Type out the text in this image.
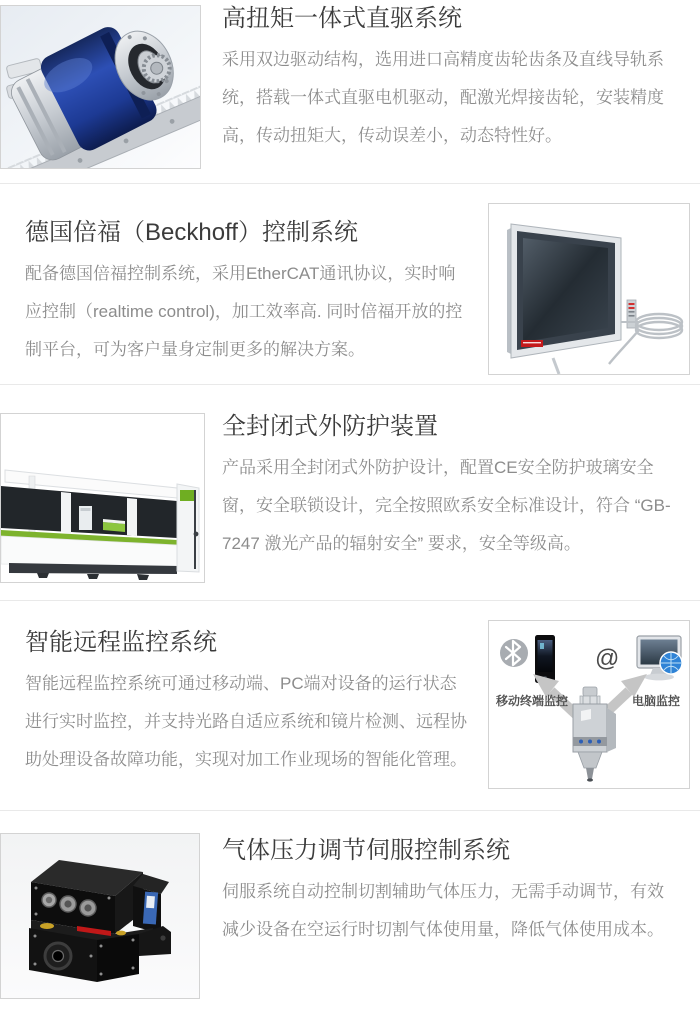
高扭矩一体式直驱系统

采用双边驱动结构，选用进口高精度齿轮齿条及直线导轨系统，搭载一体式直驱电机驱动，配激光焊接齿轮，安装精度高，传动扭矩大，传动误差小，动态特性好。

德国倍福（Beckhoff）控制系统

配备德国倍福控制系统，采用EtherCAT通讯协议，实时响应控制（realtime control)，加工效率高. 同时倍福开放的控制平台，可为客户量身定制更多的解决方案。

全封闭式外防护装置

产品采用全封闭式外防护设计，配置CE安全防护玻璃安全窗，安全联锁设计，完全按照欧系安全标准设计，符合 “GB-7247 激光产品的辐射安全” 要求，安全等级高。

智能远程监控系统

智能远程监控系统可通过移动端、PC端对设备的运行状态进行实时监控，并支持光路自适应系统和镜片检测、远程协助处理设备故障功能，实现对加工作业现场的智能化管理。

@
移动终端监控	电脑监控
气体压力调节伺服控制系统

伺服系统自动控制切割辅助气体压力，无需手动调节，有效减少设备在空运行时切割气体使用量，降低气体使用成本。
